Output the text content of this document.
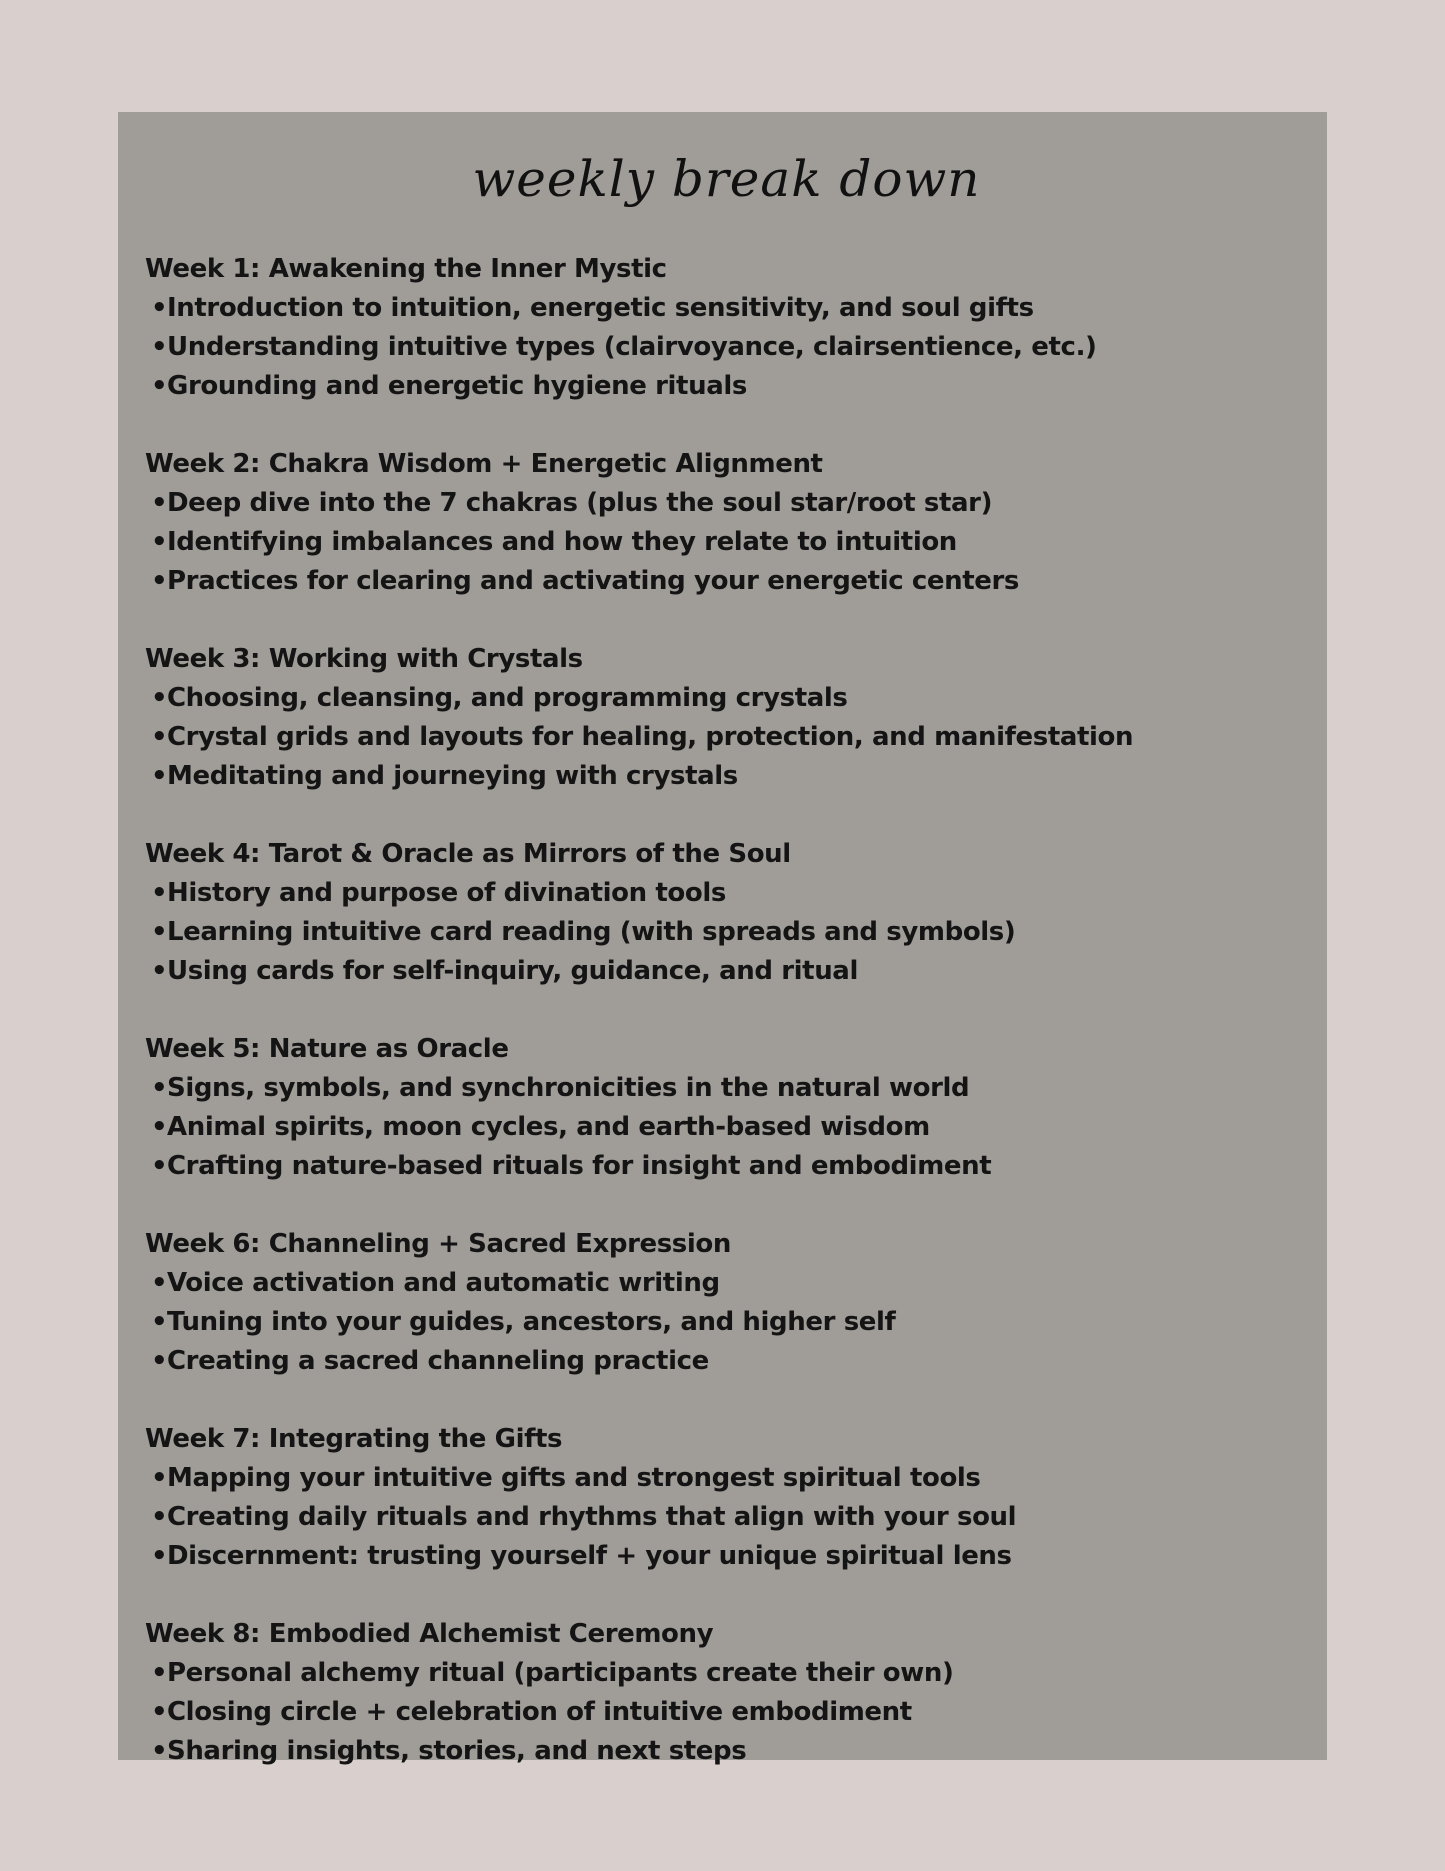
weekly break down
Week 1: Awakening the Inner Mystic
•Introduction to intuition, energetic sensitivity, and soul gifts
•Understanding intuitive types (clairvoyance, clairsentience, etc.)
•Grounding and energetic hygiene rituals
Week 2: Chakra Wisdom + Energetic Alignment
•Deep dive into the 7 chakras (plus the soul star/root star)
•Identifying imbalances and how they relate to intuition
•Practices for clearing and activating your energetic centers
Week 3: Working with Crystals
•Choosing, cleansing, and programming crystals
•Crystal grids and layouts for healing, protection, and manifestation
•Meditating and journeying with crystals
Week 4: Tarot & Oracle as Mirrors of the Soul
•History and purpose of divination tools
•Learning intuitive card reading (with spreads and symbols)
•Using cards for self-inquiry, guidance, and ritual
Week 5: Nature as Oracle
•Signs, symbols, and synchronicities in the natural world
•Animal spirits, moon cycles, and earth-based wisdom
•Crafting nature-based rituals for insight and embodiment
Week 6: Channeling + Sacred Expression
•Voice activation and automatic writing
•Tuning into your guides, ancestors, and higher self
•Creating a sacred channeling practice
Week 7: Integrating the Gifts
•Mapping your intuitive gifts and strongest spiritual tools
•Creating daily rituals and rhythms that align with your soul
•Discernment: trusting yourself + your unique spiritual lens
Week 8: Embodied Alchemist Ceremony
•Personal alchemy ritual (participants create their own)
•Closing circle + celebration of intuitive embodiment
•Sharing insights, stories, and next steps
